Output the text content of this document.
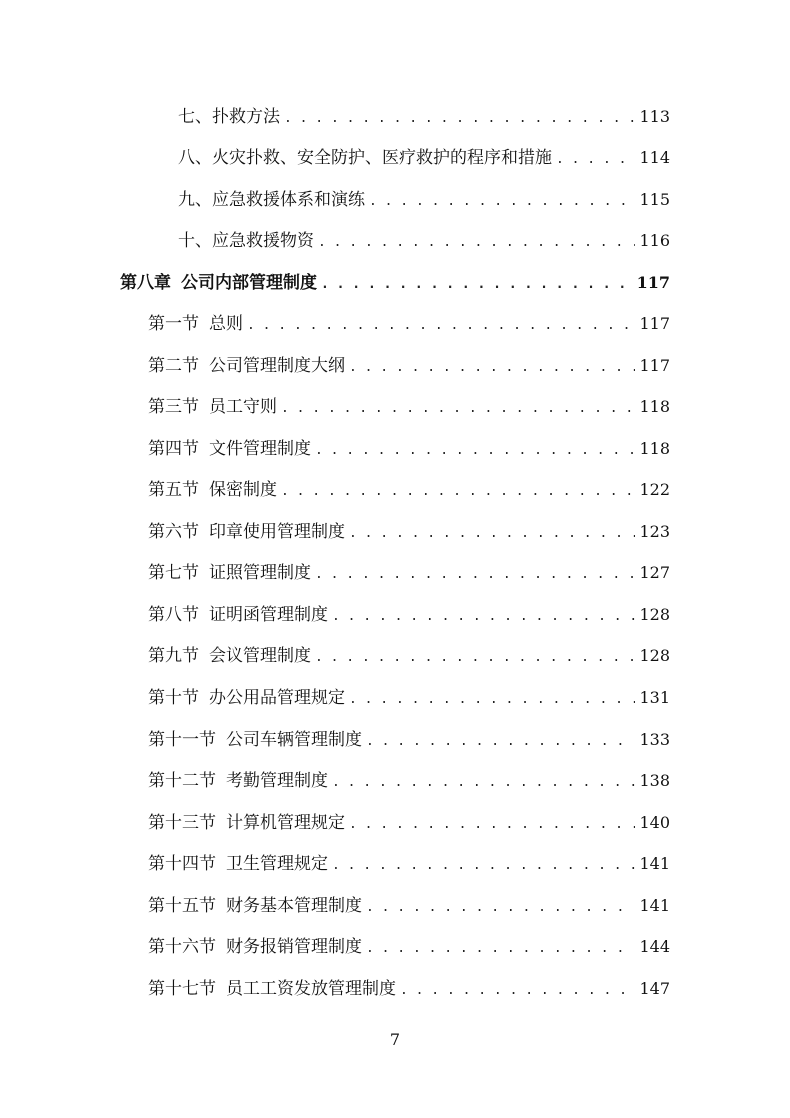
七、扑救方法 . . .	113
八、火灾扑救、安全防护、医疗救护的程序和措施 . . .	114
九、应急救援体系和演练 . . .	115
十、应急救援物资 . . .	116
第八章 公司内部管理制度 . . .	117
第一节 总则 . . .	117
第二节 公司管理制度大纲 . . .	117
第三节 员工守则 . . .	118
第四节 文件管理制度 . . .	118
第五节 保密制度 . . .	122
第六节 印章使用管理制度 . . .	123
第七节 证照管理制度 . . .	127
第八节 证明函管理制度 . . .	128
第九节 会议管理制度 . . .	128
第十节 办公用品管理规定 . . .	131
第十一节 公司车辆管理制度 . . .	133
第十二节 考勤管理制度 . . .	138
第十三节 计算机管理规定 . . .	140
第十四节 卫生管理规定 . . .	141
第十五节 财务基本管理制度 . . .	141
第十六节 财务报销管理制度 . . .	144
第十七节 员工工资发放管理制度 . . .	147
7
